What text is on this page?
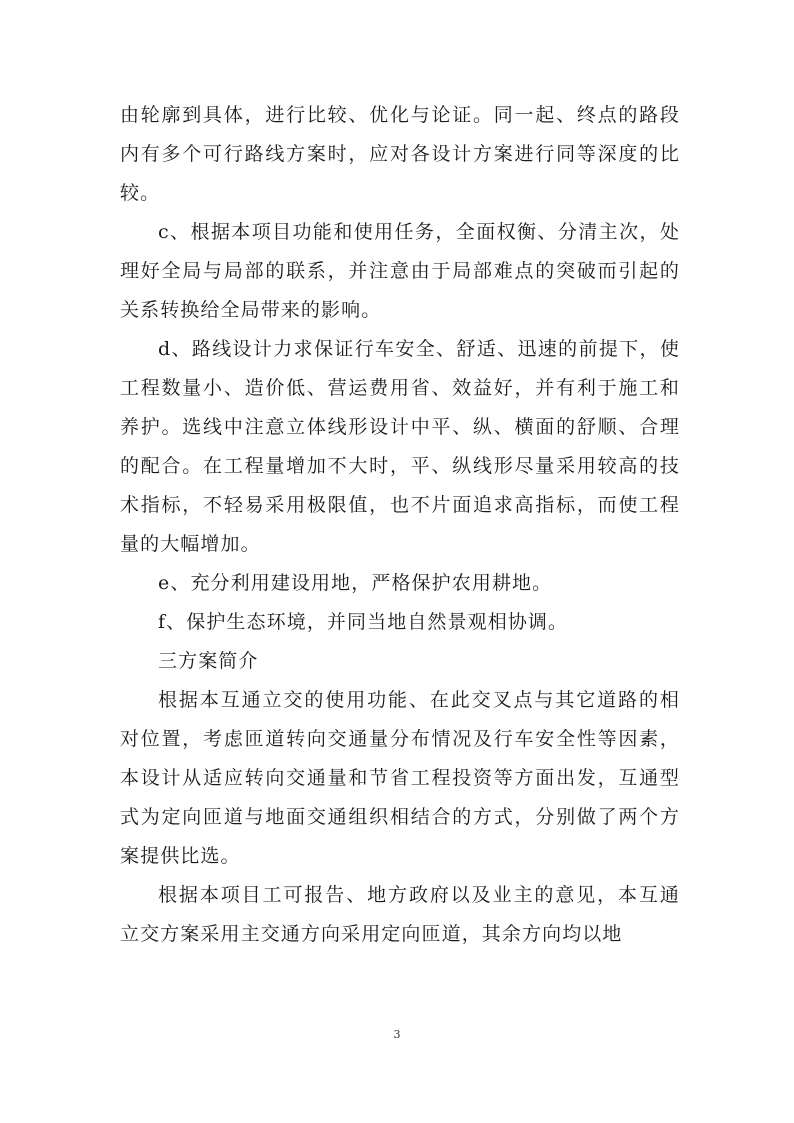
由轮廓到具体，进行比较、优化与论证。同一起、终点的路段内有多个可行路线方案时，应对各设计方案进行同等深度的比较。

c、根据本项目功能和使用任务，全面权衡、分清主次，处理好全局与局部的联系，并注意由于局部难点的突破而引起的关系转换给全局带来的影响。

d、路线设计力求保证行车安全、舒适、迅速的前提下，使工程数量小、造价低、营运费用省、效益好，并有利于施工和养护。选线中注意立体线形设计中平、纵、横面的舒顺、合理的配合。在工程量增加不大时，平、纵线形尽量采用较高的技术指标，不轻易采用极限值，也不片面追求高指标，而使工程量的大幅增加。

e、充分利用建设用地，严格保护农用耕地。

f、保护生态环境，并同当地自然景观相协调。

三方案简介

根据本互通立交的使用功能、在此交叉点与其它道路的相对位置，考虑匝道转向交通量分布情况及行车安全性等因素，本设计从适应转向交通量和节省工程投资等方面出发，互通型式为定向匝道与地面交通组织相结合的方式，分别做了两个方案提供比选。

根据本项目工可报告、地方政府以及业主的意见，本互通立交方案采用主交通方向采用定向匝道，其余方向均以地

3
